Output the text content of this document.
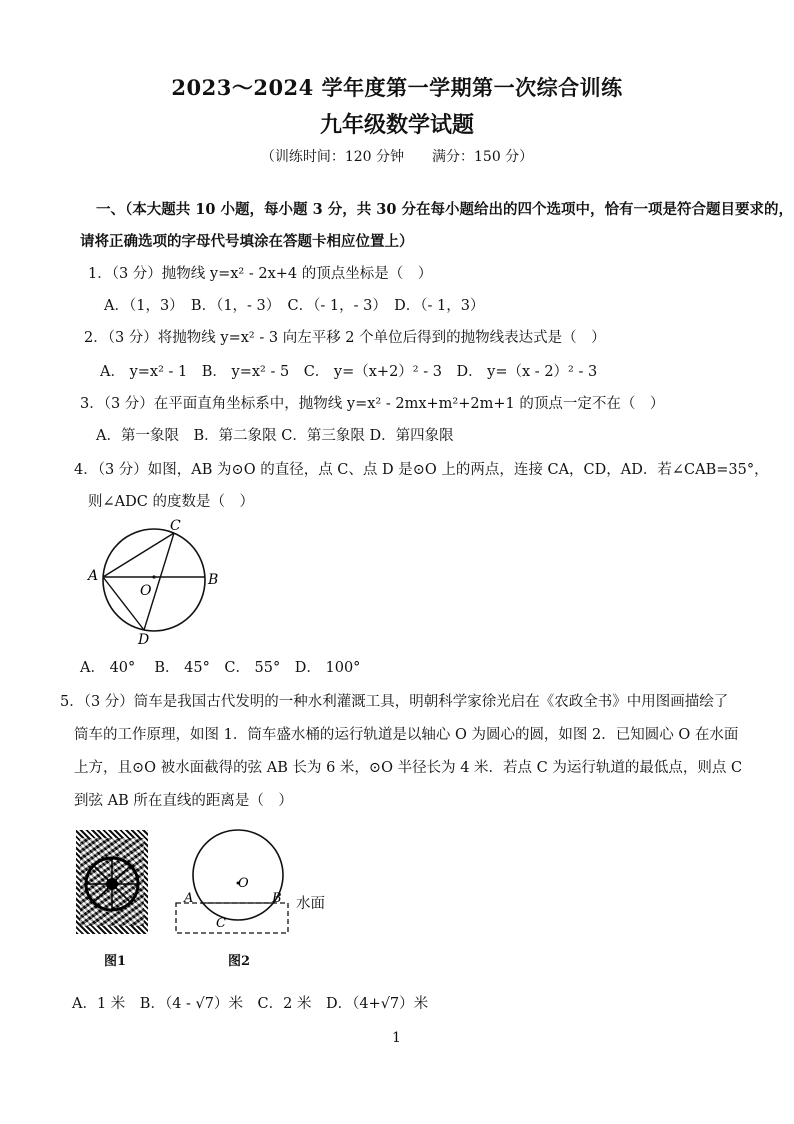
2023～2024 学年度第一学期第一次综合训练
九年级数学试题
（训练时间：120 分钟　　满分：150 分）
一、（本大题共 10 小题，每小题 3 分，共 30 分在每小题给出的四个选项中，恰有一项是符合题目要求的，
请将正确选项的字母代号填涂在答题卡相应位置上）
1．（3 分）抛物线 y=x² - 2x+4 的顶点坐标是（　）
A．（1，3）　B．（1，- 3）　C．（- 1，- 3）　D．（- 1，3）
2．（3 分）将抛物线 y=x² - 3 向左平移 2 个单位后得到的抛物线表达式是（　）
A． y=x² - 1　B． y=x² - 5　C． y=（x+2）² - 3　D． y=（x - 2）² - 3
3．（3 分）在平面直角坐标系中，抛物线 y=x² - 2mx+m²+2m+1 的顶点一定不在（　）
A．第一象限　B．第二象限 C．第三象限 D．第四象限
4．（3 分）如图，AB 为⊙O 的直径，点 C、点 D 是⊙O 上的两点，连接 CA，CD，AD．若∠CAB=35°，
则∠ADC 的度数是（　）
A	B
C
D
O
A． 40°　 B． 45°　C． 55°　D． 100°
5．（3 分）筒车是我国古代发明的一种水利灌溉工具，明朝科学家徐光启在《农政全书》中用图画描绘了
筒车的工作原理，如图 1．筒车盛水桶的运行轨道是以轴心 O 为圆心的圆，如图 2．已知圆心 O 在水面
上方，且⊙O 被水面截得的弦 AB 长为 6 米，⊙O 半径长为 4 米．若点 C 为运行轨道的最低点，则点 C
到弦 AB 所在直线的距离是（　）
图1
O
A	B
C
水面
图2
A．1 米　B．（4 - √7）米　C．2 米　D．（4+√7）米
1
